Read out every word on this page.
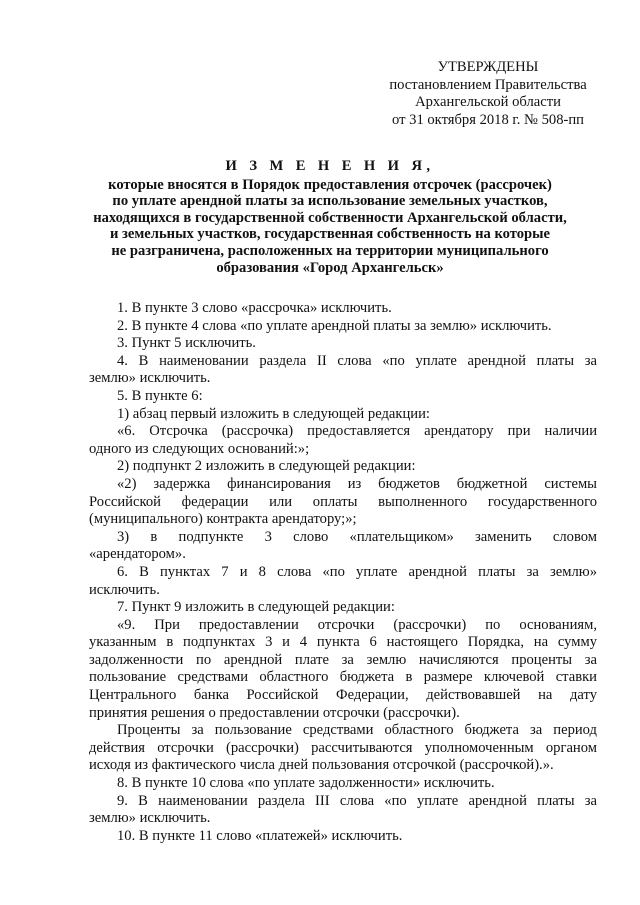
УТВЕРЖДЕНЫ
постановлением Правительства
Архангельской области
от 31 октября 2018 г. № 508-пп
И З М Е Н Е Н И Я,
которые вносятся в Порядок предоставления отсрочек (рассрочек)
по уплате арендной платы за использование земельных участков,
находящихся в государственной собственности Архангельской области,
и земельных участков, государственная собственность на которые
не разграничена, расположенных на территории муниципального
образования «Город Архангельск»
1. В пункте 3 слово «рассрочка» исключить.
2. В пункте 4 слова «по уплате арендной платы за землю» исключить.
3. Пункт 5 исключить.
4. В наименовании раздела II слова «по уплате арендной платы за
землю» исключить.
5. В пункте 6:
1) абзац первый изложить в следующей редакции:
«6. Отсрочка (рассрочка) предоставляется арендатору при наличии
одного из следующих оснований:»;
2) подпункт 2 изложить в следующей редакции:
«2) задержка финансирования из бюджетов бюджетной системы
Российской федерации или оплаты выполненного государственного
(муниципального) контракта арендатору;»;
3) в подпункте 3 слово «плательщиком» заменить словом
«арендатором».
6. В пунктах 7 и 8 слова «по уплате арендной платы за землю»
исключить.
7. Пункт 9 изложить в следующей редакции:
«9. При предоставлении отсрочки (рассрочки) по основаниям,
указанным в подпунктах 3 и 4 пункта 6 настоящего Порядка, на сумму
задолженности по арендной плате за землю начисляются проценты за
пользование средствами областного бюджета в размере ключевой ставки
Центрального банка Российской Федерации, действовавшей на дату
принятия решения о предоставлении отсрочки (рассрочки).
Проценты за пользование средствами областного бюджета за период
действия отсрочки (рассрочки) рассчитываются уполномоченным органом
исходя из фактического числа дней пользования отсрочкой (рассрочкой).».
8. В пункте 10 слова «по уплате задолженности» исключить.
9. В наименовании раздела III слова «по уплате арендной платы за
землю» исключить.
10. В пункте 11 слово «платежей» исключить.
